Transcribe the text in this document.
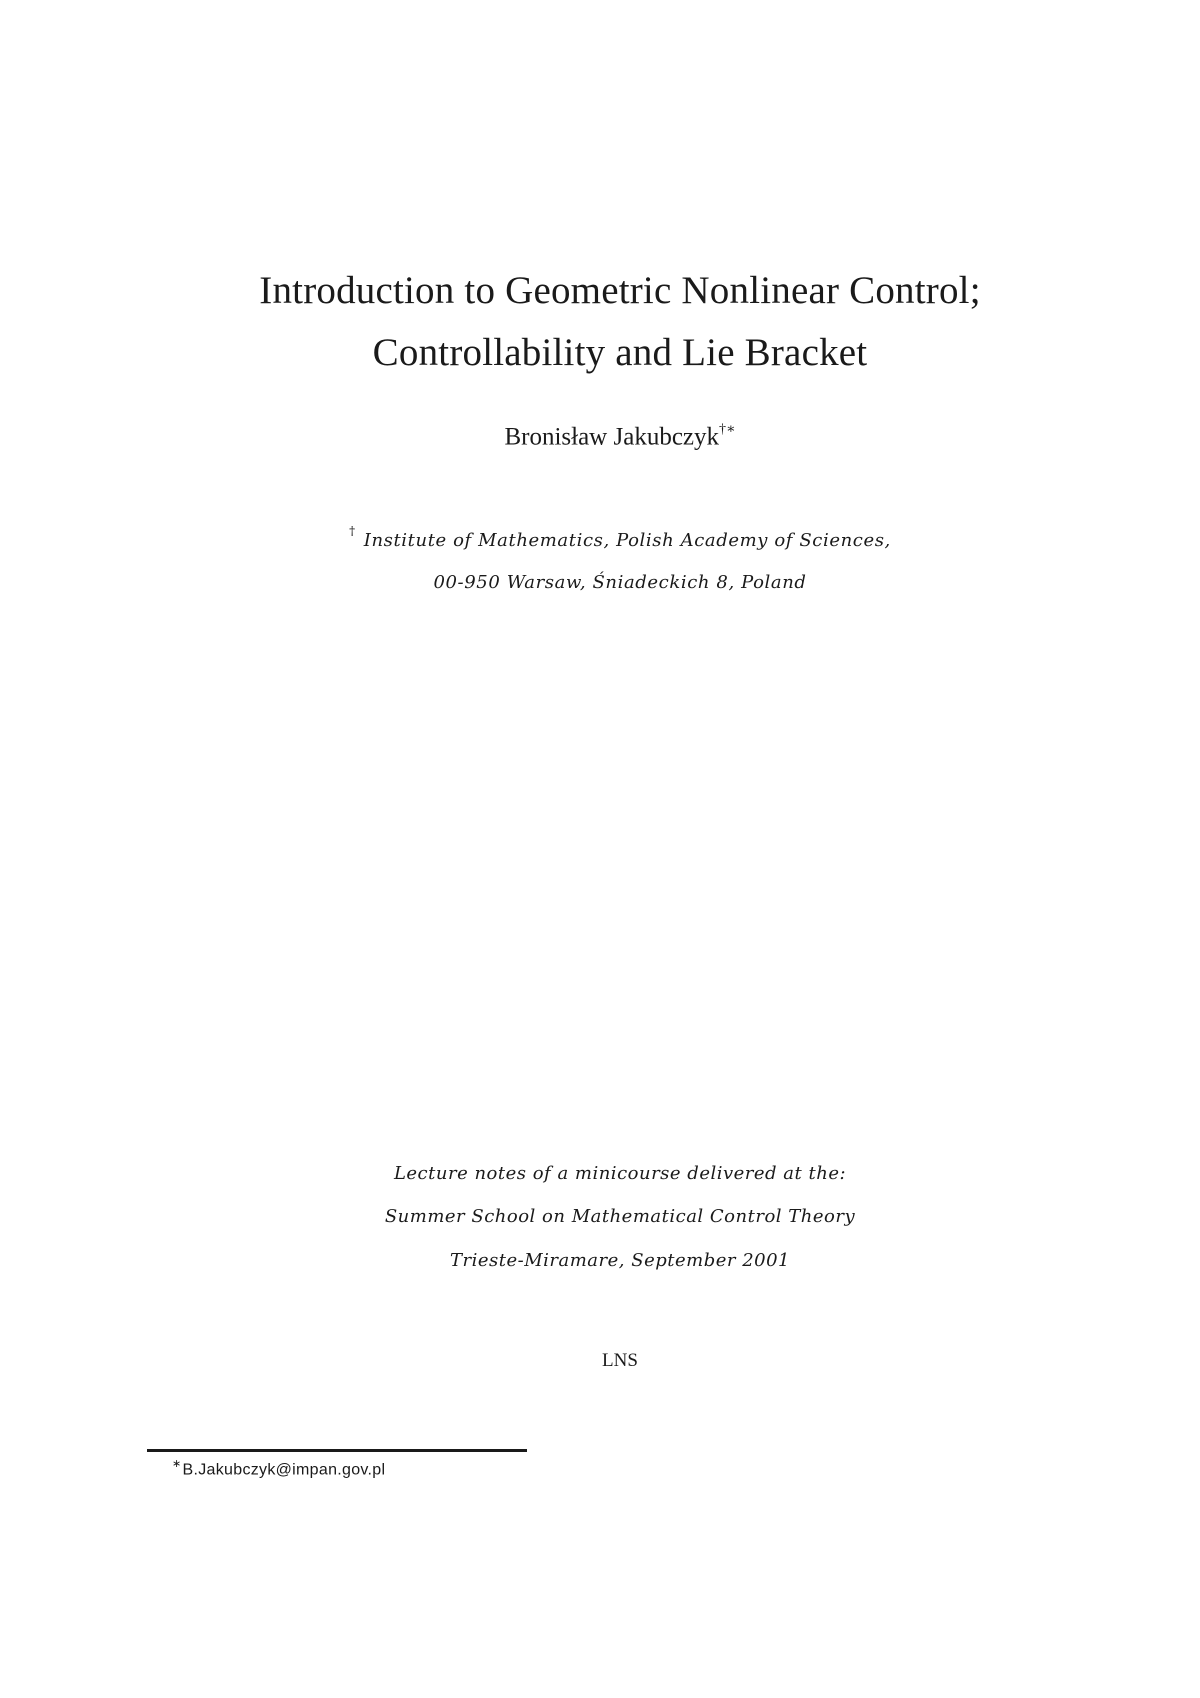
Introduction to Geometric Nonlinear Control;
Controllability and Lie Bracket
Bronisław Jakubczyk†∗
† Institute of Mathematics, Polish Academy of Sciences,
00-950 Warsaw, Śniadeckich 8, Poland
Lecture notes of a minicourse delivered at the:
Summer School on Mathematical Control Theory
Trieste-Miramare, September 2001
LNS
∗B.Jakubczyk@impan.gov.pl
